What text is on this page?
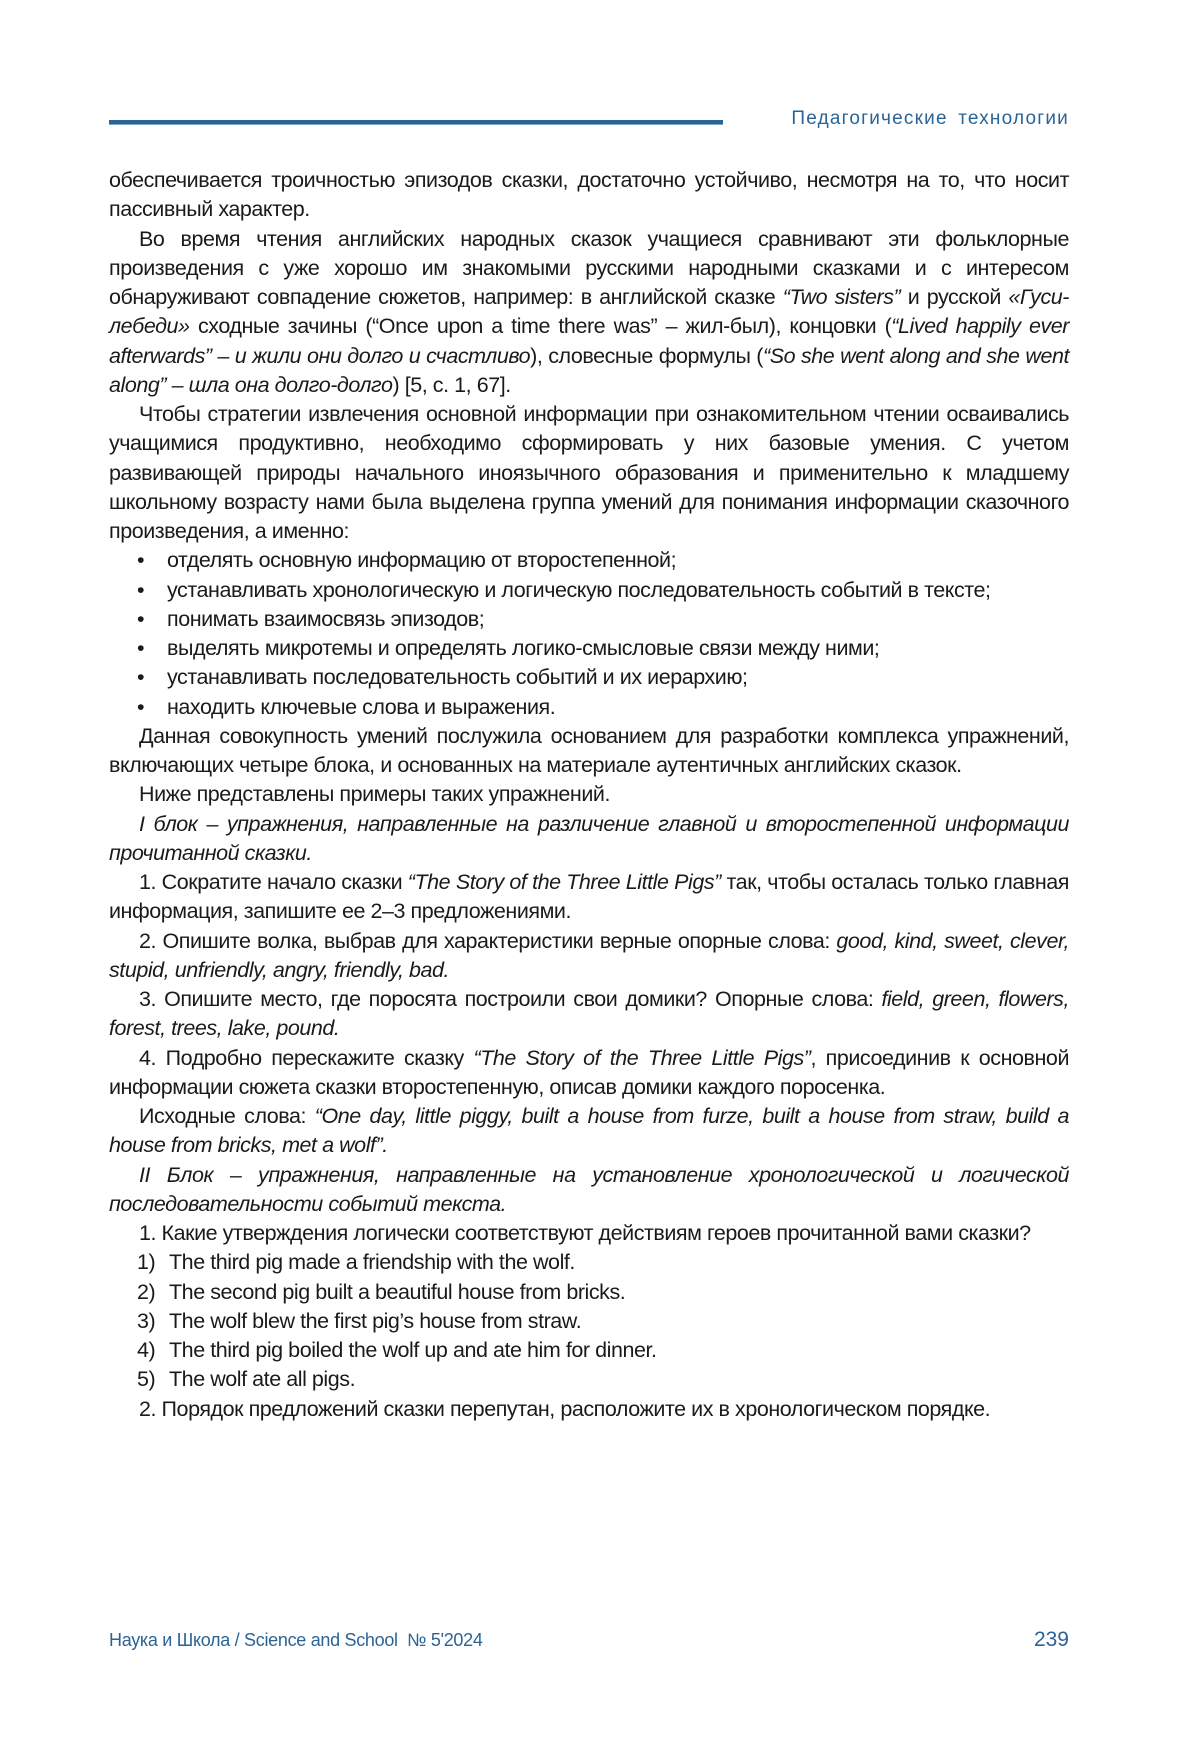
Педагогические технологии

обеспечивается троичностью эпизодов сказки, достаточно устойчиво, несмотря на то, что носит пассивный характер.

Во время чтения английских народных сказок учащиеся сравнивают эти фольклорные произведения с уже хорошо им знакомыми русскими народными сказками и с интересом обнаруживают совпадение сюжетов, например: в английской сказке “Two sisters” и русской «Гуси-лебеди» сходные зачины (“Once upon a time there was” – жил-был), концовки (“Lived happily ever afterwards” – и жили они долго и счастливо), словесные формулы (“So she went along and she went along” – шла она долго-долго) [5, с. 1, 67].

Чтобы стратегии извлечения основной информации при ознакомительном чтении осваивались учащимися продуктивно, необходимо сформировать у них базовые умения. С учетом развивающей природы начального иноязычного образования и применительно к младшему школьному возрасту нами была выделена группа умений для понимания информации сказочного произведения, а именно:

• отделять основную информацию от второстепенной;

• устанавливать хронологическую и логическую последовательность событий в тексте;

• понимать взаимосвязь эпизодов;

• выделять микротемы и определять логико-смысловые связи между ними;

• устанавливать последовательность событий и их иерархию;

• находить ключевые слова и выражения.

Данная совокупность умений послужила основанием для разработки комплекса упражнений, включающих четыре блока, и основанных на материале аутентичных английских сказок.

Ниже представлены примеры таких упражнений.

I блок – упражнения, направленные на различение главной и второстепенной информации прочитанной сказки.

1. Сократите начало сказки “The Story of the Three Little Pigs” так, чтобы осталась только главная информация, запишите ее 2–3 предложениями.

2. Опишите волка, выбрав для характеристики верные опорные слова: good, kind, sweet, clever, stupid, unfriendly, angry, friendly, bad.

3. Опишите место, где поросята построили свои домики? Опорные слова: field, green, flowers, forest, trees, lake, pound.

4. Подробно перескажите сказку “The Story of the Three Little Pigs”, присоединив к основной информации сюжета сказки второстепенную, описав домики каждого поросенка.

Исходные слова: “One day, little piggy, built a house from furze, built a house from straw, build a house from bricks, met a wolf”.

II Блок – упражнения, направленные на установление хронологической и логической последовательности событий текста.

1. Какие утверждения логически соответствуют действиям героев прочитанной вами сказки?

1) The third pig made a friendship with the wolf.

2) The second pig built a beautiful house from bricks.

3) The wolf blew the first pig’s house from straw.

4) The third pig boiled the wolf up and ate him for dinner.

5) The wolf ate all pigs.

2. Порядок предложений сказки перепутан, расположите их в хронологическом порядке.

Наука и Школа / Science and School  № 5'2024	239
